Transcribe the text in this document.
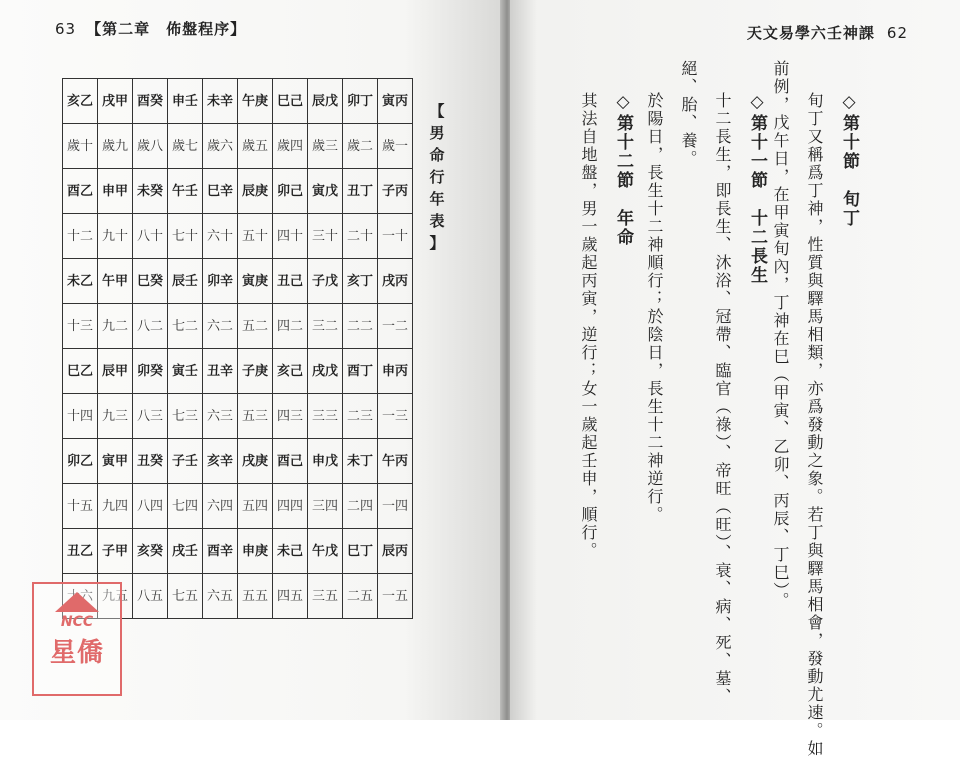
63 【第二章　佈盤程序】
亥乙	戌甲	酉癸	申壬	未辛	午庚	巳己	辰戊	卯丁	寅丙
歲十	歲九	歲八	歲七	歲六	歲五	歲四	歲三	歲二	歲一
酉乙	申甲	未癸	午壬	巳辛	辰庚	卯己	寅戊	丑丁	子丙
十二	九十	八十	七十	六十	五十	四十	三十	二十	一十
未乙	午甲	巳癸	辰壬	卯辛	寅庚	丑己	子戊	亥丁	戌丙
十三	九二	八二	七二	六二	五二	四二	三二	二二	一二
巳乙	辰甲	卯癸	寅壬	丑辛	子庚	亥己	戌戊	酉丁	申丙
十四	九三	八三	七三	六三	五三	四三	三三	二三	一三
卯乙	寅甲	丑癸	子壬	亥辛	戌庚	酉己	申戊	未丁	午丙
十五	九四	八四	七四	六四	五四	四四	三四	二四	一四
丑乙	子甲	亥癸	戌壬	酉辛	申庚	未己	午戊	巳丁	辰丙
十六	九五	八五	七五	六五	五五	四五	三五	二五	一五
【
男
命
行
年
表
】
天文易學六壬神課 62
◇第十節　旬丁
旬丁又稱爲丁神，性質與驛馬相類，亦爲發動之象。若丁與驛馬相會，發動尤速。如
前例，戊午日，在甲寅旬內，丁神在巳（甲寅、乙卯、丙辰、丁巳）。
◇第十一節　十二長生
十二長生，即長生、沐浴、冠帶、臨官（祿）、帝旺（旺）、衰、病、死、墓、
絕、胎、養。
於陽日，長生十二神順行；於陰日，長生十二神逆行。
◇第十二節　年命
其法自地盤，男一歲起丙寅，逆行；女一歲起壬申，順行。
NCC
星僑
